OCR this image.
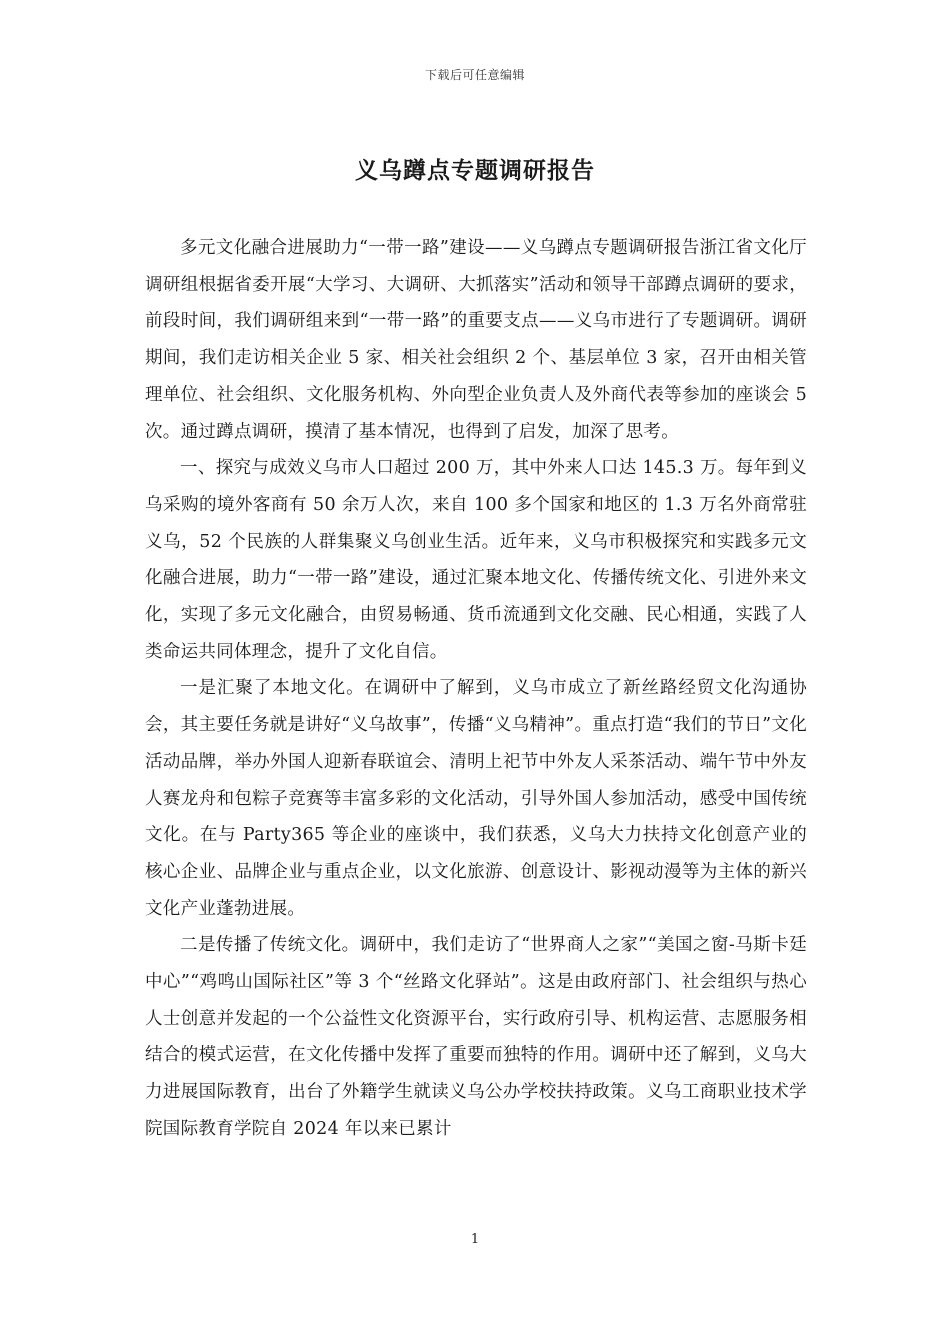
下载后可任意编辑
义乌蹲点专题调研报告

多元文化融合进展助力“一带一路”建设——义乌蹲点专题调研报告浙江省文化厅调研组根据省委开展“大学习、大调研、大抓落实”活动和领导干部蹲点调研的要求，前段时间，我们调研组来到“一带一路”的重要支点——义乌市进行了专题调研。调研期间，我们走访相关企业 5 家、相关社会组织 2 个、基层单位 3 家，召开由相关管理单位、社会组织、文化服务机构、外向型企业负责人及外商代表等参加的座谈会 5 次。通过蹲点调研，摸清了基本情况，也得到了启发，加深了思考。

一、探究与成效义乌市人口超过 200 万，其中外来人口达 145.3 万。每年到义乌采购的境外客商有 50 余万人次，来自 100 多个国家和地区的 1.3 万名外商常驻义乌，52 个民族的人群集聚义乌创业生活。近年来，义乌市积极探究和实践多元文化融合进展，助力“一带一路”建设，通过汇聚本地文化、传播传统文化、引进外来文化，实现了多元文化融合，由贸易畅通、货币流通到文化交融、民心相通，实践了人类命运共同体理念，提升了文化自信。

一是汇聚了本地文化。在调研中了解到，义乌市成立了新丝路经贸文化沟通协会，其主要任务就是讲好“义乌故事”，传播“义乌精神”。重点打造“我们的节日”文化活动品牌，举办外国人迎新春联谊会、清明上祀节中外友人采茶活动、端午节中外友人赛龙舟和包粽子竞赛等丰富多彩的文化活动，引导外国人参加活动，感受中国传统文化。在与 Party365 等企业的座谈中，我们获悉，义乌大力扶持文化创意产业的核心企业、品牌企业与重点企业，以文化旅游、创意设计、影视动漫等为主体的新兴文化产业蓬勃进展。

二是传播了传统文化。调研中，我们走访了“世界商人之家”“美国之窗-马斯卡廷中心”“鸡鸣山国际社区”等 3 个“丝路文化驿站”。这是由政府部门、社会组织与热心人士创意并发起的一个公益性文化资源平台，实行政府引导、机构运营、志愿服务相结合的模式运营，在文化传播中发挥了重要而独特的作用。调研中还了解到，义乌大力进展国际教育，出台了外籍学生就读义乌公办学校扶持政策。义乌工商职业技术学院国际教育学院自 2024 年以来已累计

1
